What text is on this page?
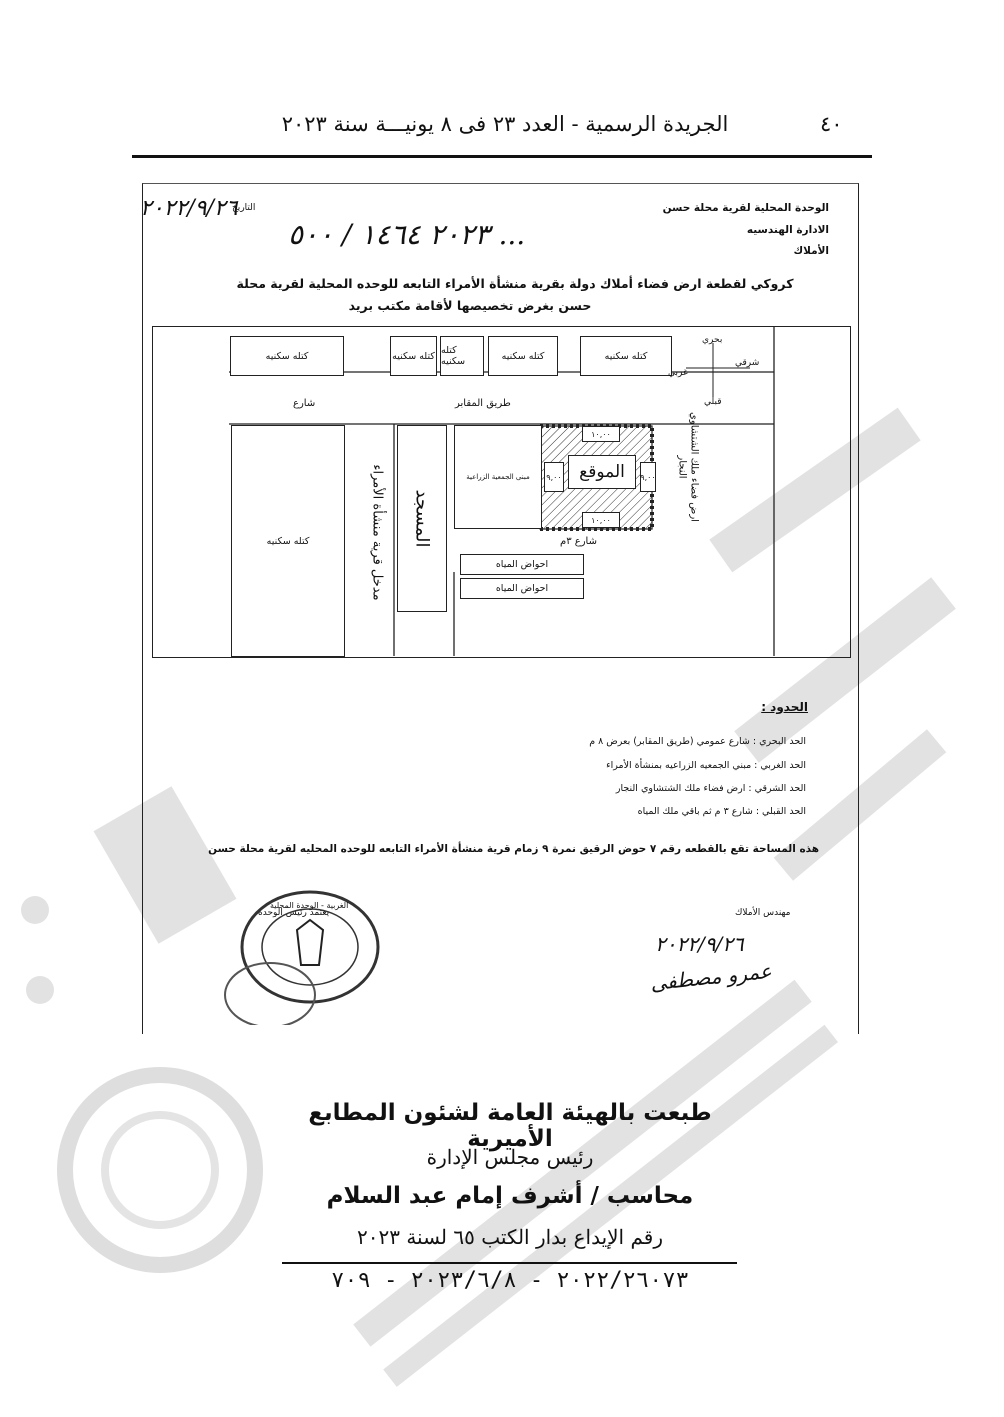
٤٠
الجريدة الرسمية - العدد ٢٣ فى ٨ يونيـــة سنة ٢٠٢٣
الوحدة المحلية لقرية محلة حسن
الادارة الهندسيه
الأملاك
التاريخ
٢٠٢٢/٩/٢٦
٢٠٢٣ ١٤٦٤ / ٥٠٠ ...
كروكي لقطعة ارض فضاء أملاك دولة بقرية منشأة الأمراء التابعه للوحده المحلية لقرية محلة
حسن بغرض تخصيصها لأقامة مكتب بريد
كتله سكنيه	كتله سكنيه كتله سكنيه	كتله سكنيه	كتله سكنيه
شارع	طريق المقابر
كتله سكنيه	مدخل قرية منشأة الأمراء المسجد
مبنى الجمعية الزراعية	الموقع
١٠,٠٠
١٠,٠٠
٩,٠٠	٩,٠٠
شارع ٣م
احواض المياه
احواض المياه
ارض فضاء ملك الشتشاوي النجار
بحري
شرقي
غربي
قبلي
الحدود :
الحد البحري : شارع عمومي (طريق المقابر) بعرض ٨ م
الحد الغربي : مبني الجمعيه الزراعيه بمنشأة الأمراء
الحد الشرقي : ارض فضاء ملك الشتشاوي النجار
الحد القبلي : شارع ٣ م ثم باقي ملك المياه
هذه المساحة تقع بالقطعه رقم ٧ حوض الرقيق نمرة ٩ زمام قرية منشأة الأمراء التابعه للوحده المحليه لقرية محلة حسن
مهندس الأملاك
٢٠٢٢/٩/٢٦
عمرو مصطفى
يعتمد رئيس الوحده
الغربية - الوحدة المحلية
طبعت بالهيئة العامة لشئون المطابع الأميرية
رئيس مجلس الإدارة
محاسب / أشرف إمام عبد السلام
رقم الإيداع بدار الكتب ٦٥ لسنة ٢٠٢٣
٢٠٢٢/٢٦٠٧٣ - ٢٠٢٣/٦/٨ - ٧٠٩
